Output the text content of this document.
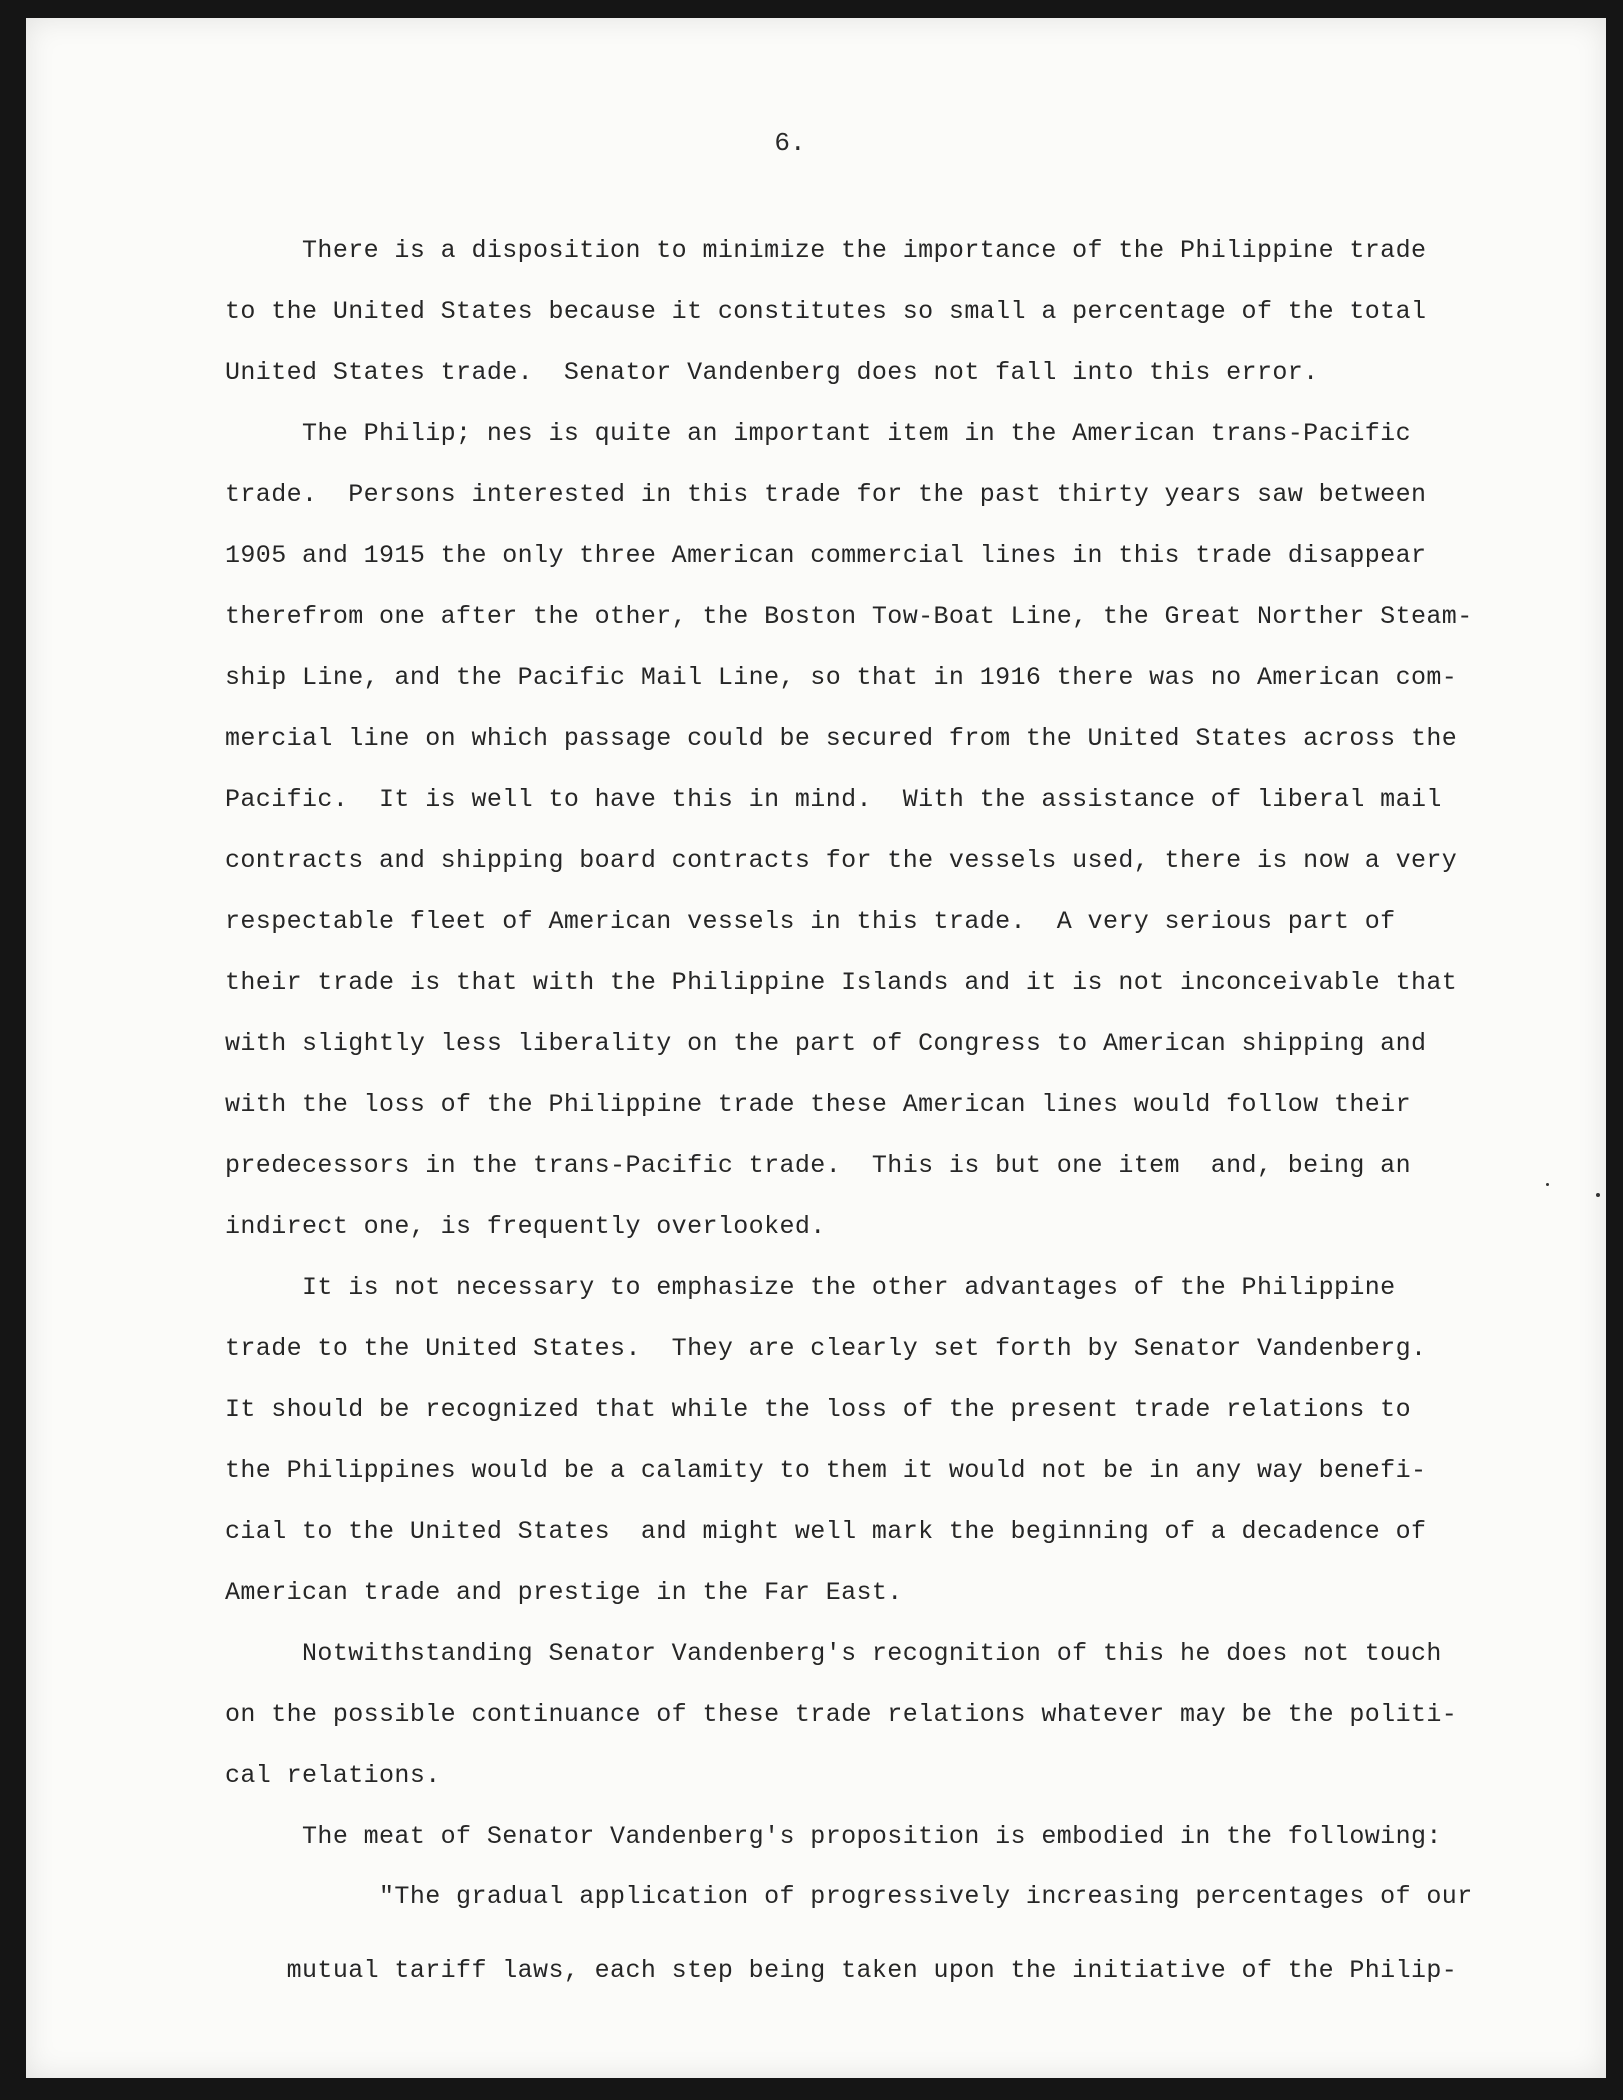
6.
There is a disposition to minimize the importance of the Philippine trade
to the United States because it constitutes so small a percentage of the total
United States trade.  Senator Vandenberg does not fall into this error.
The Philip; nes is quite an important item in the American trans-Pacific
trade.  Persons interested in this trade for the past thirty years saw between
1905 and 1915 the only three American commercial lines in this trade disappear
therefrom one after the other, the Boston Tow-Boat Line, the Great Norther Steam-
ship Line, and the Pacific Mail Line, so that in 1916 there was no American com-
mercial line on which passage could be secured from the United States across the
Pacific.  It is well to have this in mind.  With the assistance of liberal mail
contracts and shipping board contracts for the vessels used, there is now a very
respectable fleet of American vessels in this trade.  A very serious part of
their trade is that with the Philippine Islands and it is not inconceivable that
with slightly less liberality on the part of Congress to American shipping and
with the loss of the Philippine trade these American lines would follow their
predecessors in the trans-Pacific trade.  This is but one item  and, being an
indirect one, is frequently overlooked.
It is not necessary to emphasize the other advantages of the Philippine
trade to the United States.  They are clearly set forth by Senator Vandenberg.
It should be recognized that while the loss of the present trade relations to
the Philippines would be a calamity to them it would not be in any way benefi-
cial to the United States  and might well mark the beginning of a decadence of
American trade and prestige in the Far East.
Notwithstanding Senator Vandenberg's recognition of this he does not touch
on the possible continuance of these trade relations whatever may be the politi-
cal relations.
The meat of Senator Vandenberg's proposition is embodied in the following:
"The gradual application of progressively increasing percentages of our
mutual tariff laws, each step being taken upon the initiative of the Philip-
